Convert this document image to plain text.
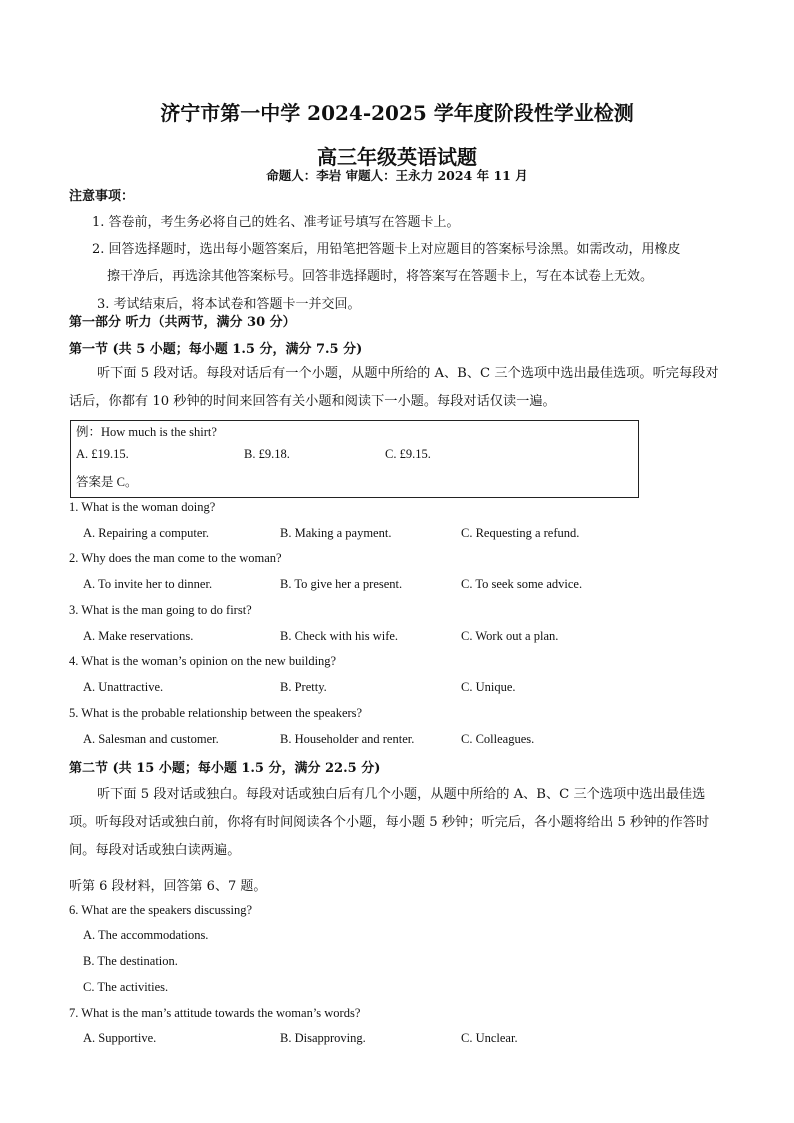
济宁市第一中学 2024-2025 学年度阶段性学业检测
高三年级英语试题
命题人：李岩 审题人：王永力 2024 年 11 月
注意事项：
1. 答卷前，考生务必将自己的姓名、准考证号填写在答题卡上。
2. 回答选择题时，选出每小题答案后，用铅笔把答题卡上对应题目的答案标号涂黑。如需改动，用橡皮
擦干净后，再选涂其他答案标号。回答非选择题时，将答案写在答题卡上，写在本试卷上无效。
3. 考试结束后，将本试卷和答题卡一并交回。
第一部分 听力（共两节，满分 30 分）
第一节 (共 5 小题；每小题 1.5 分，满分 7.5 分)
听下面 5 段对话。每段对话后有一个小题，从题中所给的 A、B、C 三个选项中选出最佳选项。听完每段对话后，你都有 10 秒钟的时间来回答有关小题和阅读下一小题。每段对话仅读一遍。
例：How much is the shirt?
A. £19.15.	B. £9.18.	C. £9.15.
答案是 C。
1. What is the woman doing?
A. Repairing a computer.	B. Making a payment.	C. Requesting a refund.
2. Why does the man come to the woman?
A. To invite her to dinner.	B. To give her a present.	C. To seek some advice.
3. What is the man going to do first?
A. Make reservations.	B. Check with his wife.	C. Work out a plan.
4. What is the woman’s opinion on the new building?
A. Unattractive.	B. Pretty.	C. Unique.
5. What is the probable relationship between the speakers?
A. Salesman and customer.	B. Householder and renter.	C. Colleagues.
第二节 (共 15 小题；每小题 1.5 分，满分 22.5 分)
听下面 5 段对话或独白。每段对话或独白后有几个小题，从题中所给的 A、B、C 三个选项中选出最佳选项。听每段对话或独白前，你将有时间阅读各个小题，每小题 5 秒钟；听完后，各小题将给出 5 秒钟的作答时间。每段对话或独白读两遍。
听第 6 段材料，回答第 6、7 题。
6. What are the speakers discussing?
A. The accommodations.
B. The destination.
C. The activities.
7. What is the man’s attitude towards the woman’s words?
A. Supportive.	B. Disapproving.	C. Unclear.
